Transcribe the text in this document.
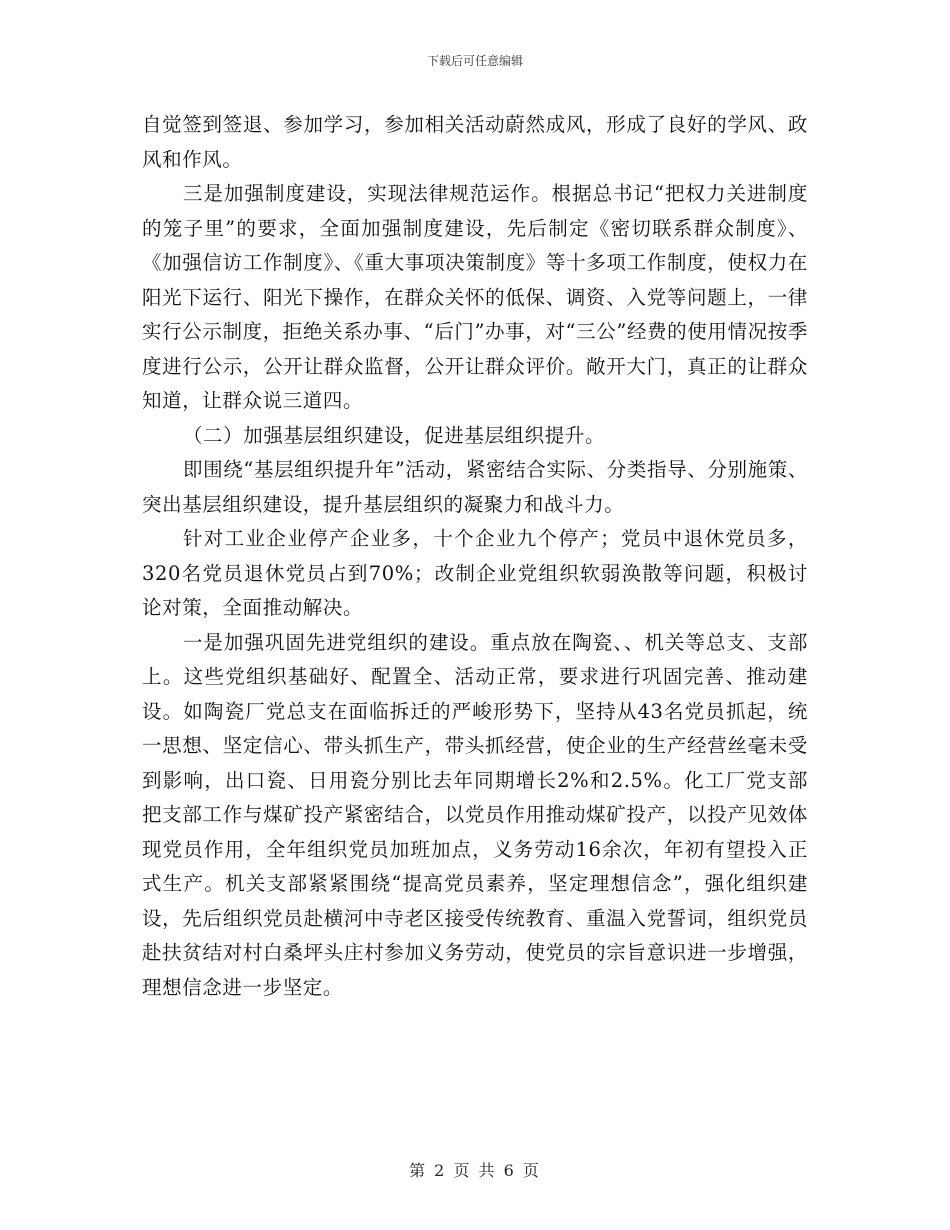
下载后可任意编辑

自觉签到签退、参加学习，参加相关活动蔚然成风，形成了良好的学风、政风和作风。

三是加强制度建设，实现法律规范运作。根据总书记“把权力关进制度的笼子里”的要求，全面加强制度建设，先后制定《密切联系群众制度》、《加强信访工作制度》、《重大事项决策制度》等十多项工作制度，使权力在阳光下运行、阳光下操作，在群众关怀的低保、调资、入党等问题上，一律实行公示制度，拒绝关系办事、“后门”办事，对“三公”经费的使用情况按季度进行公示，公开让群众监督，公开让群众评价。敞开大门，真正的让群众知道，让群众说三道四。

（二）加强基层组织建设，促进基层组织提升。

即围绕“基层组织提升年”活动，紧密结合实际、分类指导、分别施策、突出基层组织建设，提升基层组织的凝聚力和战斗力。

针对工业企业停产企业多，十个企业九个停产；党员中退休党员多，320名党员退休党员占到70%；改制企业党组织软弱涣散等问题，积极讨论对策，全面推动解决。

一是加强巩固先进党组织的建设。重点放在陶瓷、、机关等总支、支部上。这些党组织基础好、配置全、活动正常，要求进行巩固完善、推动建设。如陶瓷厂党总支在面临拆迁的严峻形势下，坚持从43名党员抓起，统一思想、坚定信心、带头抓生产，带头抓经营，使企业的生产经营丝毫未受到影响，出口瓷、日用瓷分别比去年同期增长2%和2.5%。化工厂党支部把支部工作与煤矿投产紧密结合，以党员作用推动煤矿投产，以投产见效体现党员作用，全年组织党员加班加点，义务劳动16余次，年初有望投入正式生产。机关支部紧紧围绕“提高党员素养，坚定理想信念”，强化组织建设，先后组织党员赴横河中寺老区接受传统教育、重温入党誓词，组织党员赴扶贫结对村白桑坪头庄村参加义务劳动，使党员的宗旨意识进一步增强，理想信念进一步坚定。

第 2 页 共 6 页
